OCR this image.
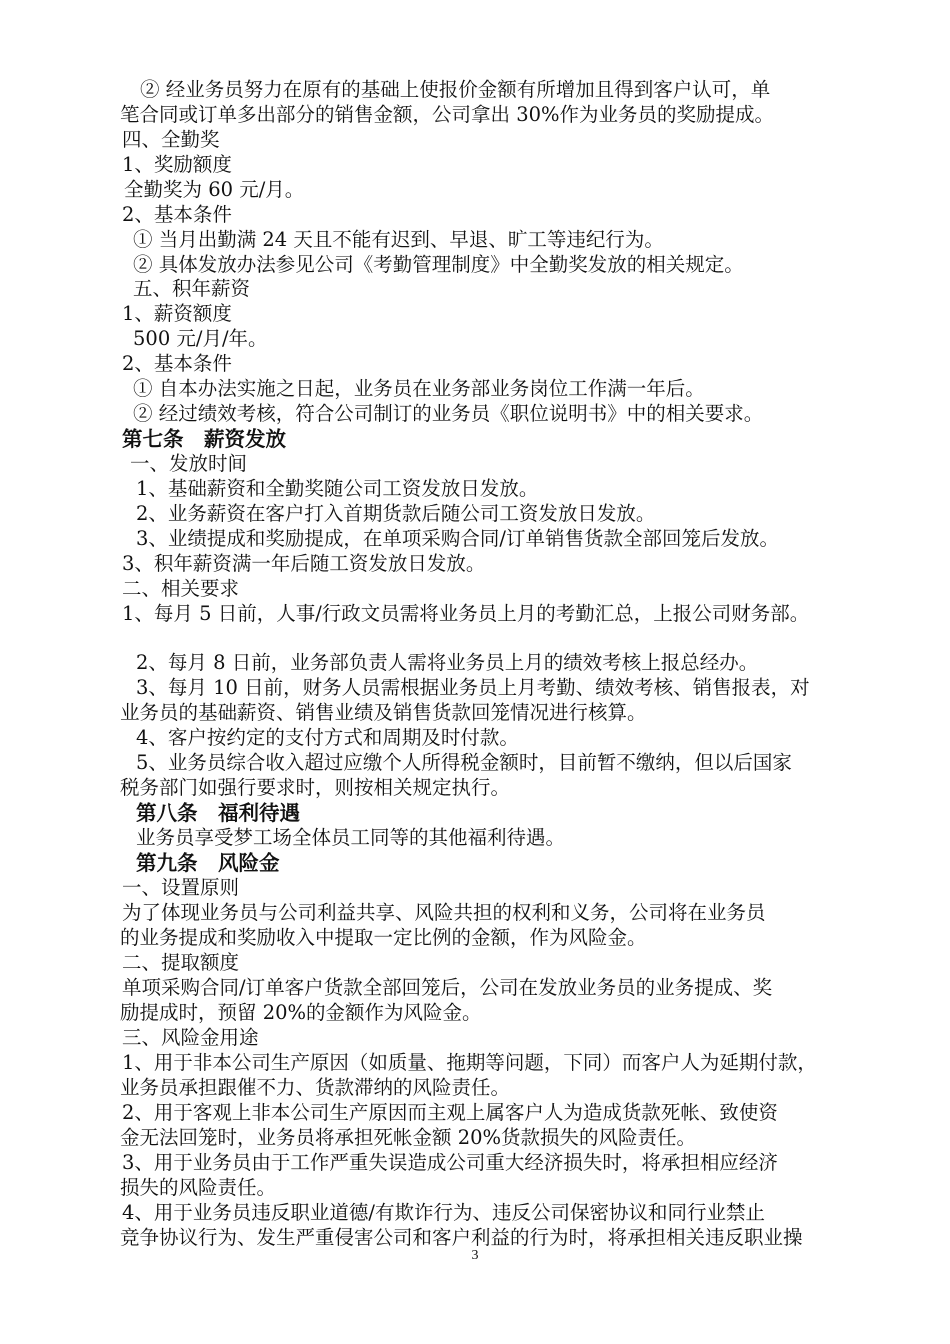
② 经业务员努力在原有的基础上使报价金额有所增加且得到客户认可，单
笔合同或订单多出部分的销售金额，公司拿出 30%作为业务员的奖励提成。
四、全勤奖
1、奖励额度
全勤奖为 60 元/月。
2、基本条件
① 当月出勤满 24 天且不能有迟到、早退、旷工等违纪行为。
② 具体发放办法参见公司《考勤管理制度》中全勤奖发放的相关规定。
五、积年薪资
1、薪资额度
500 元/月/年。
2、基本条件
① 自本办法实施之日起，业务员在业务部业务岗位工作满一年后。
② 经过绩效考核，符合公司制订的业务员《职位说明书》中的相关要求。
第七条　薪资发放
一、发放时间
1、基础薪资和全勤奖随公司工资发放日发放。
2、业务薪资在客户打入首期货款后随公司工资发放日发放。
3、业绩提成和奖励提成，在单项采购合同/订单销售货款全部回笼后发放。
3、积年薪资满一年后随工资发放日发放。
二、相关要求
1、每月 5 日前，人事/行政文员需将业务员上月的考勤汇总，上报公司财务部。
2、每月 8 日前，业务部负责人需将业务员上月的绩效考核上报总经办。
3、每月 10 日前，财务人员需根据业务员上月考勤、绩效考核、销售报表，对
业务员的基础薪资、销售业绩及销售货款回笼情况进行核算。
4、客户按约定的支付方式和周期及时付款。
5、业务员综合收入超过应缴个人所得税金额时，目前暂不缴纳，但以后国家
税务部门如强行要求时，则按相关规定执行。
第八条　福利待遇
业务员享受梦工场全体员工同等的其他福利待遇。
第九条　风险金
一、设置原则
为了体现业务员与公司利益共享、风险共担的权利和义务，公司将在业务员
的业务提成和奖励收入中提取一定比例的金额，作为风险金。
二、提取额度
单项采购合同/订单客户货款全部回笼后，公司在发放业务员的业务提成、奖
励提成时，预留 20%的金额作为风险金。
三、风险金用途
1、用于非本公司生产原因（如质量、拖期等问题，下同）而客户人为延期付款，
业务员承担跟催不力、货款滞纳的风险责任。
2、用于客观上非本公司生产原因而主观上属客户人为造成货款死帐、致使资
金无法回笼时，业务员将承担死帐金额 20%货款损失的风险责任。
3、用于业务员由于工作严重失误造成公司重大经济损失时，将承担相应经济
损失的风险责任。
4、用于业务员违反职业道德/有欺诈行为、违反公司保密协议和同行业禁止
竞争协议行为、发生严重侵害公司和客户利益的行为时，将承担相关违反职业操
3
